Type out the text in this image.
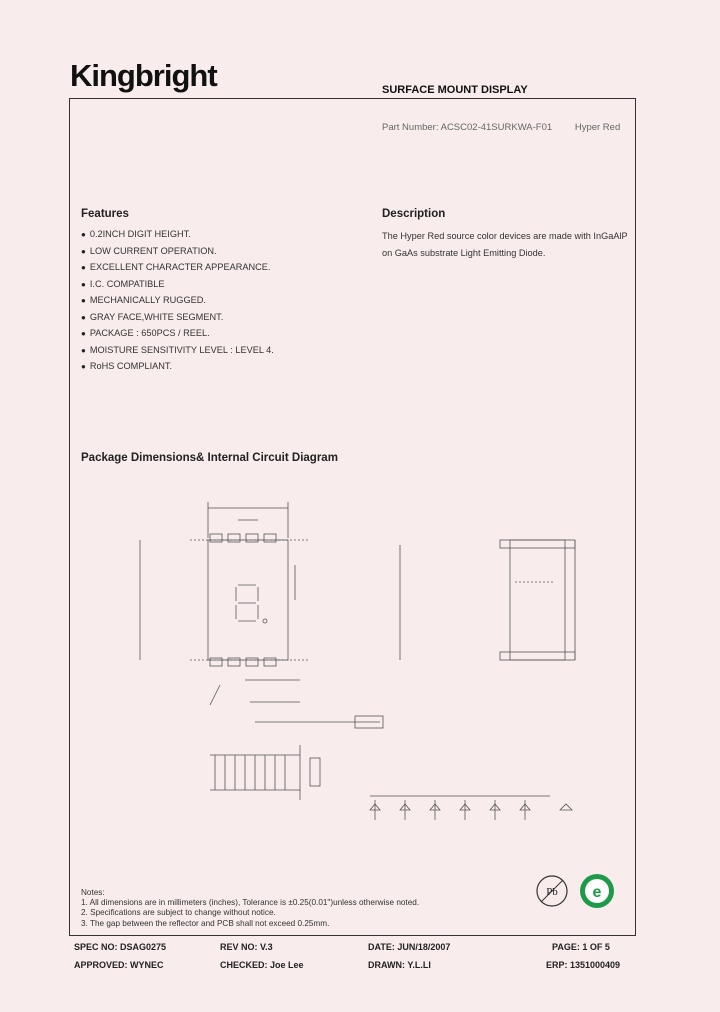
Kingbright	SURFACE MOUNT DISPLAY
Part Number: ACSC02-41SURKWA-F01 Hyper Red
Features
● 0.2INCH DIGIT HEIGHT.
● LOW CURRENT OPERATION.
● EXCELLENT CHARACTER APPEARANCE.
● I.C. COMPATIBLE
● MECHANICALLY RUGGED.
● GRAY FACE,WHITE SEGMENT.
● PACKAGE : 650PCS / REEL.
● MOISTURE SENSITIVITY LEVEL : LEVEL 4.
● RoHS COMPLIANT.
Description
The Hyper Red source color devices are made with InGaAlP on GaAs substrate Light Emitting Diode.
Package Dimensions& Internal Circuit Diagram
Notes:
1. All dimensions are in millimeters (inches), Tolerance is ±0.25(0.01")unless otherwise noted.
2. Specifications are subject to change without notice.
3. The gap between the reflector and PCB shall not exceed 0.25mm.
Pb e
SPEC NO: DSAG0275	REV NO: V.3	DATE: JUN/18/2007	PAGE: 1 OF 5
APPROVED: WYNEC	CHECKED: Joe Lee	DRAWN: Y.L.LI	ERP: 1351000409
